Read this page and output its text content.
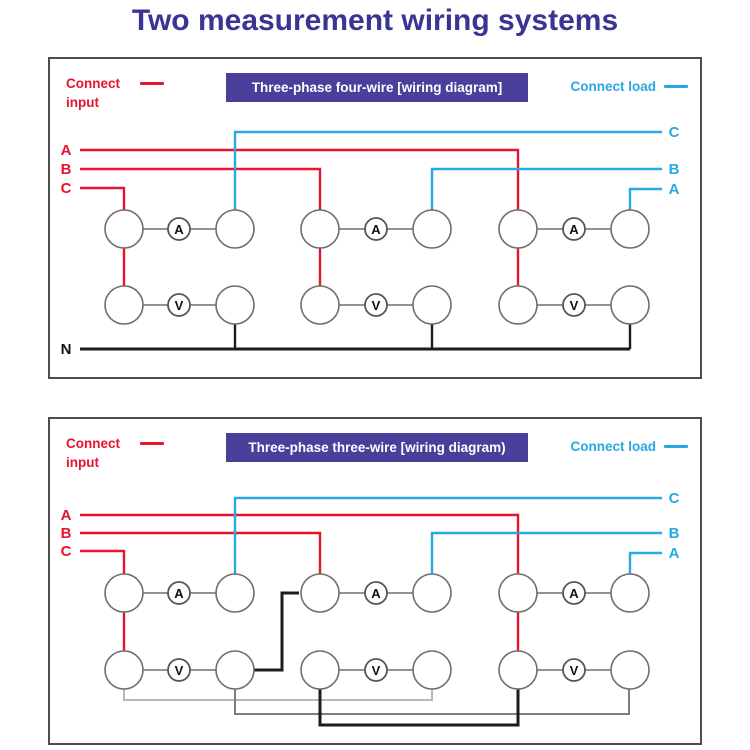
Two measurement wiring systems
Connect input
Three-phase four-wire [wiring diagram]	Connect load
A	A	A
V	V	V
A
B
C
C
B
A
N
Connect input
Three-phase three-wire [wiring diagram)	Connect load
A	A	A
V	V	V
A
B
C
C
B
A
